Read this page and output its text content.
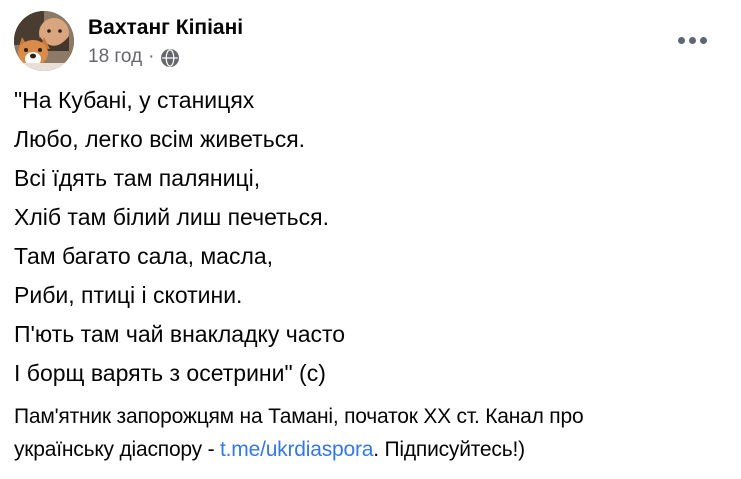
Вахтанг Кіпіані
18 год ·

"На Кубані, у станицях

Любо, легко всім живеться.

Всі їдять там паляниці,

Хліб там білий лиш печеться.

Там багато сала, масла,

Риби, птиці і скотини.

П'ють там чай внакладку часто

І борщ варять з осетрини" (с)

Пам'ятник запорожцям на Тамані, початок XX ст. Канал про
українську діаспору - t.me/ukrdiaspora. Підписуйтесь!)
